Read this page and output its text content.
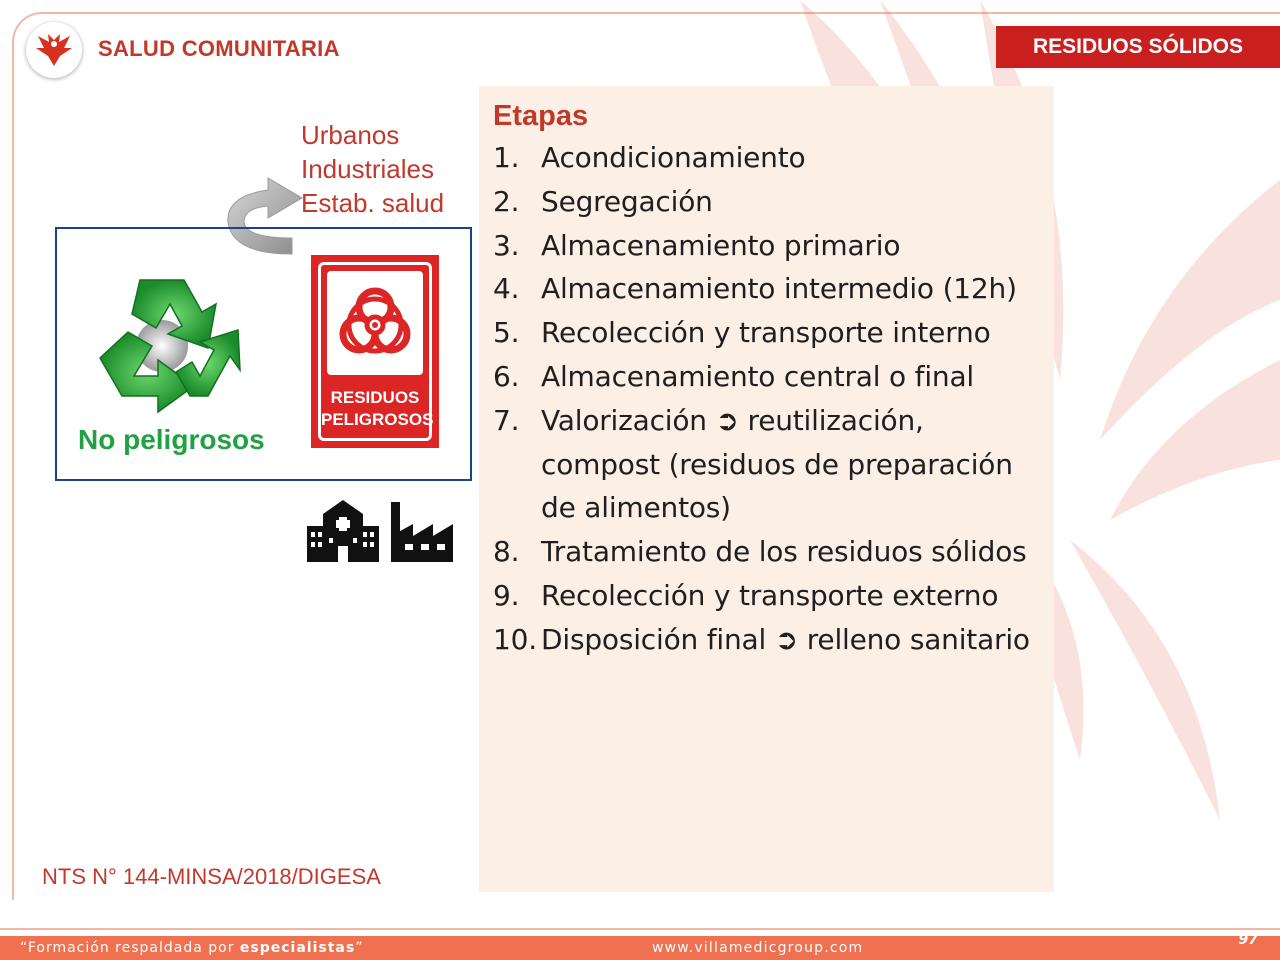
SALUD COMUNITARIA	RESIDUOS SÓLIDOS
Urbanos
Industriales
Estab. salud
No peligrosos
RESIDUOS
PELIGROSOS
NTS N° 144-MINSA/2018/DIGESA
Etapas
1. Acondicionamiento
2. Segregación
3. Almacenamiento primario
4. Almacenamiento intermedio (12h)
5. Recolección y transporte interno
6. Almacenamiento central o final
7. Valorización ➲ reutilización, compost (residuos de preparación de alimentos)
8. Tratamiento de los residuos sólidos
9. Recolección y transporte externo
10. Disposición final ➲ relleno sanitario
“Formación respaldada por especialistas”	www.villamedicgroup.com	97
